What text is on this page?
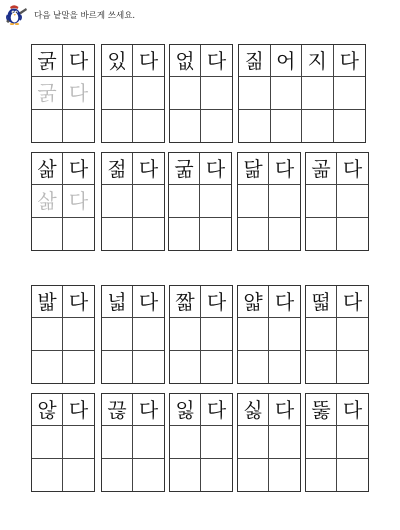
다음 낱말을 바르게 쓰세요.
굵 다
굵 다
있 다 없 다 짊 어 지 다
삶 다
삶 다
젊 다 굶 다 닮 다 곪 다
밟 다 넓 다 짧 다 얇 다 떫 다
않 다 끊 다 잃 다 싫 다 뚫 다
